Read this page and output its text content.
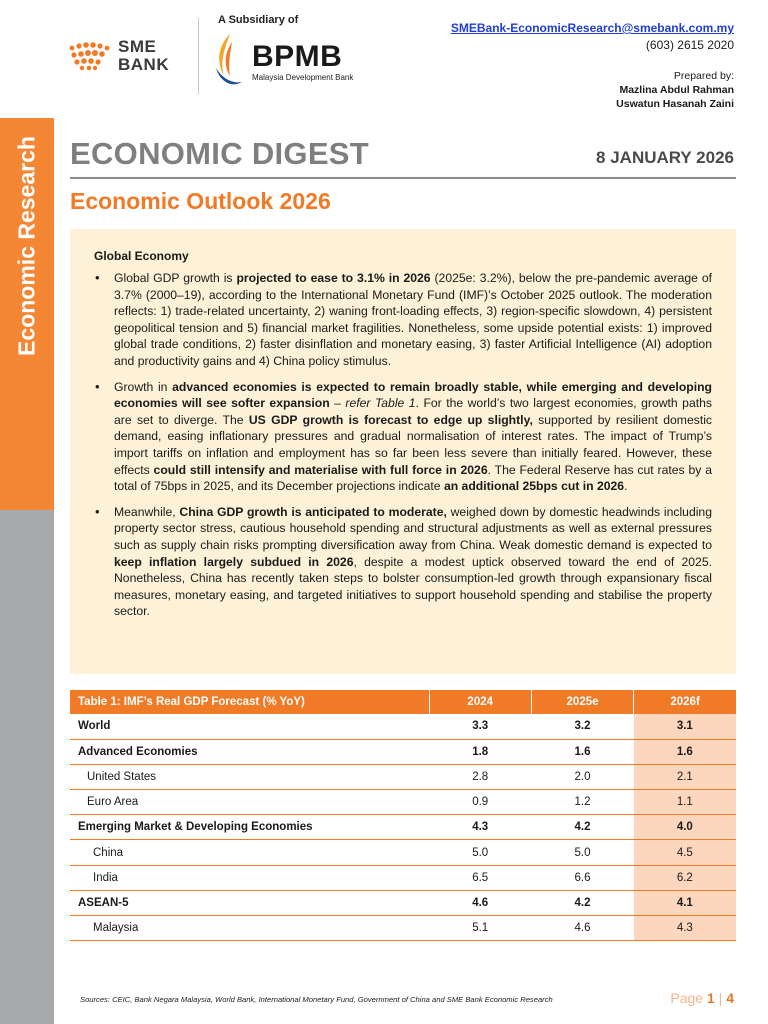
Economic Research
SME
BANK
A Subsidiary of
BPMB
Malaysia Development Bank
SMEBank-EconomicResearch@smebank.com.my
(603) 2615 2020
Prepared by:
Mazlina Abdul Rahman
Uswatun Hasanah Zaini
ECONOMIC DIGEST	8 JANUARY 2026
Economic Outlook 2026
Global Economy
• Global GDP growth is projected to ease to 3.1% in 2026 (2025e: 3.2%), below the pre-pandemic average of 3.7% (2000–19), according to the International Monetary Fund (IMF)’s October 2025 outlook. The moderation reflects: 1) trade-related uncertainty, 2) waning front-loading effects, 3) region-specific slowdown, 4) persistent geopolitical tension and 5) financial market fragilities. Nonetheless, some upside potential exists: 1) improved global trade conditions, 2) faster disinflation and monetary easing, 3) faster Artificial Intelligence (AI) adoption and productivity gains and 4) China policy stimulus.
• Growth in advanced economies is expected to remain broadly stable, while emerging and developing economies will see softer expansion – refer Table 1. For the world’s two largest economies, growth paths are set to diverge. The US GDP growth is forecast to edge up slightly, supported by resilient domestic demand, easing inflationary pressures and gradual normalisation of interest rates. The impact of Trump’s import tariffs on inflation and employment has so far been less severe than initially feared. However, these effects could still intensify and materialise with full force in 2026. The Federal Reserve has cut rates by a total of 75bps in 2025, and its December projections indicate an additional 25bps cut in 2026.
• Meanwhile, China GDP growth is anticipated to moderate, weighed down by domestic headwinds including property sector stress, cautious household spending and structural adjustments as well as external pressures such as supply chain risks prompting diversification away from China. Weak domestic demand is expected to keep inflation largely subdued in 2026, despite a modest uptick observed toward the end of 2025. Nonetheless, China has recently taken steps to bolster consumption-led growth through expansionary fiscal measures, monetary easing, and targeted initiatives to support household spending and stabilise the property sector.
Table 1: IMF’s Real GDP Forecast (% YoY)	2024	2025e	2026f
World	3.3	3.2	3.1
Advanced Economies	1.8	1.6	1.6
United States	2.8	2.0	2.1
Euro Area	0.9	1.2	1.1
Emerging Market & Developing Economies	4.3	4.2	4.0
China	5.0	5.0	4.5
India	6.5	6.6	6.2
ASEAN-5	4.6	4.2	4.1
Malaysia	5.1	4.6	4.3
Sources: CEIC, Bank Negara Malaysia, World Bank, International Monetary Fund, Government of China and SME Bank Economic Research	Page 1 | 4
